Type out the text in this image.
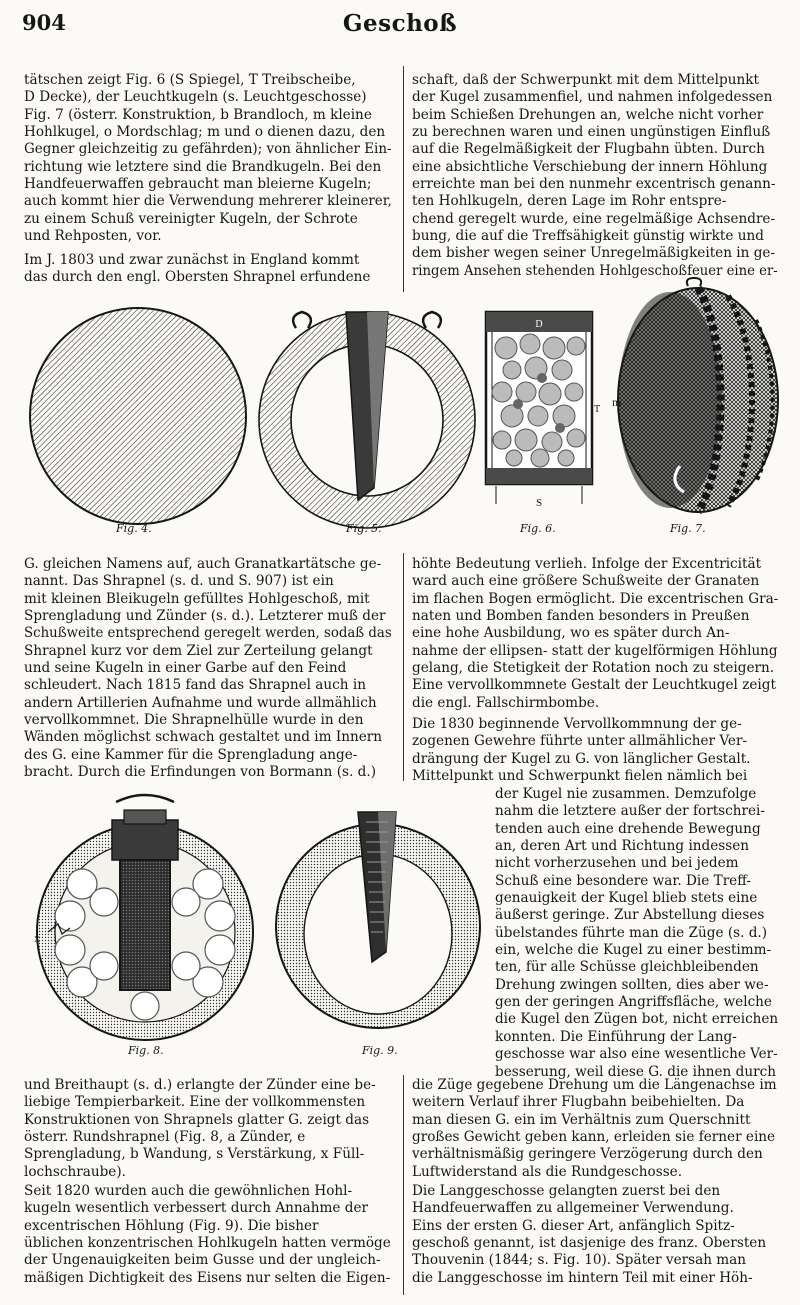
904	Geschoß
tätschen zeigt Fig. 6 (S Spiegel, T Treibscheibe,
D Decke), der Leuchtkugeln (s. Leuchtgeschosse)
Fig. 7 (österr. Konstruktion, b Brandloch, m kleine
Hohlkugel, o Mordschlag; m und o dienen dazu, den
Gegner gleichzeitig zu gefährden); von ähnlicher Ein-
richtung wie letztere sind die Brandkugeln. Bei den
Handfeuerwaffen gebraucht man bleierne Kugeln;
auch kommt hier die Verwendung mehrerer kleinerer,
zu einem Schuß vereinigter Kugeln, der Schrote
und Rehposten, vor.
Im J. 1803 und zwar zunächst in England kommt
das durch den engl. Obersten Shrapnel erfundene
schaft, daß der Schwerpunkt mit dem Mittelpunkt
der Kugel zusammenfiel, und nahmen infolgedessen
beim Schießen Drehungen an, welche nicht vorher
zu berechnen waren und einen ungünstigen Einfluß
auf die Regelmäßigkeit der Flugbahn übten. Durch
eine absichtliche Verschiebung der innern Höhlung
erreichte man bei den nunmehr excentrisch genann-
ten Hohlkugeln, deren Lage im Rohr entspre-
chend geregelt wurde, eine regelmäßige Achsendre-
bung, die auf die Treffsähigkeit günstig wirkte und
dem bisher wegen seiner Unregelmäßigkeiten in ge-
ringem Ansehen stehenden Hohlgeschoßfeuer eine er-
G. gleichen Namens auf, auch Granatkartätsche ge-
nannt. Das Shrapnel (s. d. und S. 907) ist ein
mit kleinen Bleikugeln gefülltes Hohlgeschoß, mit
Sprengladung und Zünder (s. d.). Letzterer muß der
Schußweite entsprechend geregelt werden, sodaß das
Shrapnel kurz vor dem Ziel zur Zerteilung gelangt
und seine Kugeln in einer Garbe auf den Feind
schleudert. Nach 1815 fand das Shrapnel auch in
andern Artillerien Aufnahme und wurde allmählich
vervollkommnet. Die Shrapnelhülle wurde in den
Wänden möglichst schwach gestaltet und im Innern
des G. eine Kammer für die Sprengladung ange-
bracht. Durch die Erfindungen von Bormann (s. d.)
höhte Bedeutung verlieh. Infolge der Excentricität
ward auch eine größere Schußweite der Granaten
im flachen Bogen ermöglicht. Die excentrischen Gra-
naten und Bomben fanden besonders in Preußen
eine hohe Ausbildung, wo es später durch An-
nahme der ellipsen- statt der kugelförmigen Höhlung
gelang, die Stetigkeit der Rotation noch zu steigern.
Eine vervollkommnete Gestalt der Leuchtkugel zeigt
die engl. Fallschirmbombe.
Die 1830 beginnende Vervollkommnung der ge-
zogenen Gewehre führte unter allmählicher Ver-
drängung der Kugel zu G. von länglicher Gestalt.
Mittelpunkt und Schwerpunkt fielen nämlich bei
der Kugel nie zusammen. Demzufolge
nahm die letztere außer der fortschrei-
tenden auch eine drehende Bewegung
an, deren Art und Richtung indessen
nicht vorherzusehen und bei jedem
Schuß eine besondere war. Die Treff-
genauigkeit der Kugel blieb stets eine
äußerst geringe. Zur Abstellung dieses
übelstandes führte man die Züge (s. d.)
ein, welche die Kugel zu einer bestimm-
ten, für alle Schüsse gleichbleibenden
Drehung zwingen sollten, dies aber we-
gen der geringen Angriffsfläche, welche
die Kugel den Zügen bot, nicht erreichen
konnten. Die Einführung der Lang-
geschosse war also eine wesentliche Ver-
besserung, weil diese G. die ihnen durch
und Breithaupt (s. d.) erlangte der Zünder eine be-
liebige Tempierbarkeit. Eine der vollkommensten
Konstruktionen von Shrapnels glatter G. zeigt das
österr. Rundshrapnel (Fig. 8, a Zünder, e
Sprengladung, b Wandung, s Verstärkung, x Füll-
lochschraube).
Seit 1820 wurden auch die gewöhnlichen Hohl-
kugeln wesentlich verbessert durch Annahme der
excentrischen Höhlung (Fig. 9). Die bisher
üblichen konzentrischen Hohlkugeln hatten vermöge
der Ungenauigkeiten beim Gusse und der ungleich-
mäßigen Dichtigkeit des Eisens nur selten die Eigen-
die Züge gegebene Drehung um die Längenachse im
weitern Verlauf ihrer Flugbahn beibehielten. Da
man diesen G. ein im Verhältnis zum Querschnitt
großes Gewicht geben kann, erleiden sie ferner eine
verhältnismäßig geringere Verzögerung durch den
Luftwiderstand als die Rundgeschosse.
Die Langgeschosse gelangten zuerst bei den
Handfeuerwaffen zu allgemeiner Verwendung.
Eins der ersten G. dieser Art, anfänglich Spitz-
geschoß genannt, ist dasjenige des franz. Obersten
Thouvenin (1844; s. Fig. 10). Später versah man
die Langgeschosse im hintern Teil mit einer Höh-
Fig. 4.	Fig. 5.
D
T
S
Fig. 6.
m
Fig. 7.
x
Fig. 8.	Fig. 9.
